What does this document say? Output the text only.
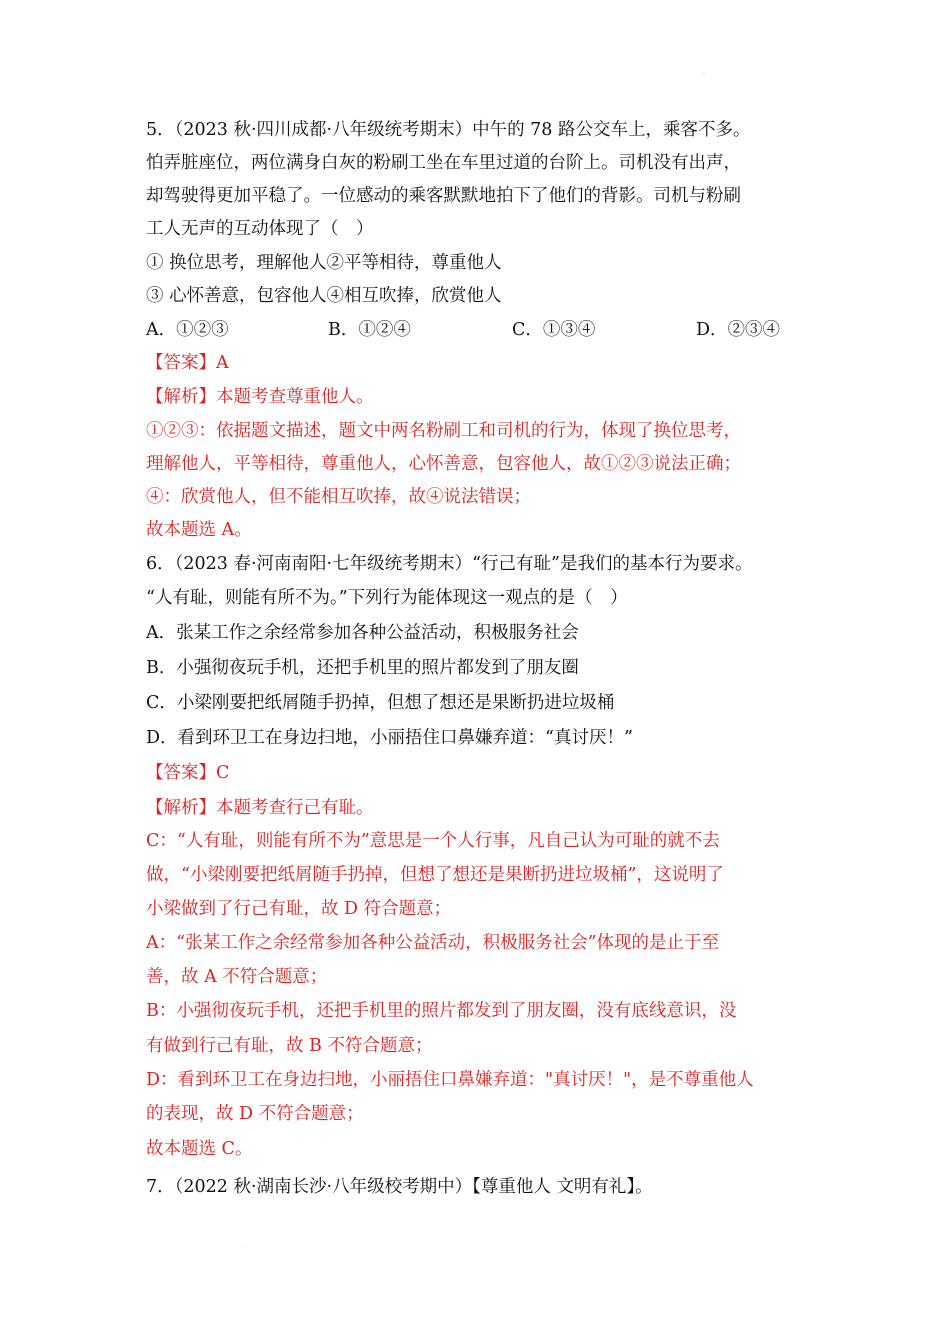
·
5．（2023 秋·四川成都·八年级统考期末）中午的 78 路公交车上，乘客不多。
怕弄脏座位，两位满身白灰的粉刷工坐在车里过道的台阶上。司机没有出声，
却驾驶得更加平稳了。一位感动的乘客默默地拍下了他们的背影。司机与粉刷
工人无声的互动体现了（　）
① 换位思考，理解他人②平等相待，尊重他人
③ 心怀善意，包容他人④相互吹捧，欣赏他人
A．①②③	B．①②④	C．①③④	D．②③④
【答案】A
【解析】本题考查尊重他人。
①②③：依据题文描述，题文中两名粉刷工和司机的行为，体现了换位思考，
理解他人，平等相待，尊重他人，心怀善意，包容他人，故①②③说法正确；
④：欣赏他人，但不能相互吹捧，故④说法错误；
故本题选 A。
6．（2023 春·河南南阳·七年级统考期末）“行己有耻”是我们的基本行为要求。
“人有耻，则能有所不为。”下列行为能体现这一观点的是（　）
A．张某工作之余经常参加各种公益活动，积极服务社会
B．小强彻夜玩手机，还把手机里的照片都发到了朋友圈
C．小梁刚要把纸屑随手扔掉，但想了想还是果断扔进垃圾桶
D．看到环卫工在身边扫地，小丽捂住口鼻嫌弃道：“真讨厌！”
【答案】C
【解析】本题考查行己有耻。
C：“人有耻，则能有所不为”意思是一个人行事，凡自己认为可耻的就不去
做，“小梁刚要把纸屑随手扔掉，但想了想还是果断扔进垃圾桶”，这说明了
小梁做到了行己有耻，故 D 符合题意；
A：“张某工作之余经常参加各种公益活动，积极服务社会”体现的是止于至
善，故 A 不符合题意；
B：小强彻夜玩手机，还把手机里的照片都发到了朋友圈，没有底线意识，没
有做到行己有耻，故 B 不符合题意；
D：看到环卫工在身边扫地，小丽捂住口鼻嫌弃道："真讨厌！"，是不尊重他人
的表现，故 D 不符合题意；
故本题选 C。
7．（2022 秋·湖南长沙·八年级校考期中）【尊重他人 文明有礼】。
·
